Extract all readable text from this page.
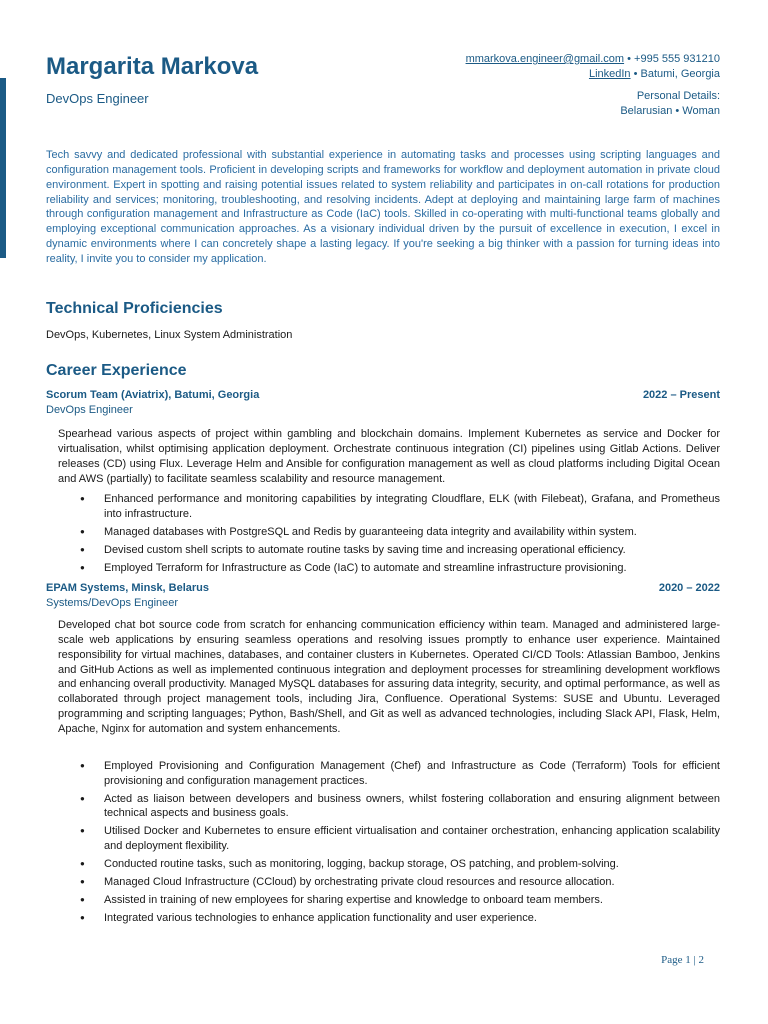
Margarita Markova
DevOps Engineer
mmarkova.engineer@gmail.com • +995 555 931210
LinkedIn • Batumi, Georgia
Personal Details:
Belarusian • Woman

Tech savvy and dedicated professional with substantial experience in automating tasks and processes using scripting languages and configuration management tools. Proficient in developing scripts and frameworks for workflow and deployment automation in private cloud environment. Expert in spotting and raising potential issues related to system reliability and participates in on-call rotations for production reliability and services; monitoring, troubleshooting, and resolving incidents. Adept at deploying and maintaining large farm of machines through configuration management and Infrastructure as Code (IaC) tools. Skilled in co-operating with multi-functional teams globally and employing exceptional communication approaches. As a visionary individual driven by the pursuit of excellence in execution, I excel in dynamic environments where I can concretely shape a lasting legacy. If you're seeking a big thinker with a passion for turning ideas into reality, I invite you to consider my application.

Technical Proficiencies
DevOps, Kubernetes, Linux System Administration
Career Experience
Scorum Team (Aviatrix), Batumi, Georgia	2022 – Present
DevOps Engineer

Spearhead various aspects of project within gambling and blockchain domains. Implement Kubernetes as service and Docker for virtualisation, whilst optimising application deployment. Orchestrate continuous integration (CI) pipelines using Gitlab Actions. Deliver releases (CD) using Flux. Leverage Helm and Ansible for configuration management as well as cloud platforms including Digital Ocean and AWS (partially) to facilitate seamless scalability and resource management.

● Enhanced performance and monitoring capabilities by integrating Cloudflare, ELK (with Filebeat), Grafana, and Prometheus into infrastructure.
● Managed databases with PostgreSQL and Redis by guaranteeing data integrity and availability within system.
● Devised custom shell scripts to automate routine tasks by saving time and increasing operational efficiency.
● Employed Terraform for Infrastructure as Code (IaC) to automate and streamline infrastructure provisioning.
EPAM Systems, Minsk, Belarus	2020 – 2022
Systems/DevOps Engineer

Developed chat bot source code from scratch for enhancing communication efficiency within team. Managed and administered large-scale web applications by ensuring seamless operations and resolving issues promptly to enhance user experience. Maintained responsibility for virtual machines, databases, and container clusters in Kubernetes. Operated CI/CD Tools: Atlassian Bamboo, Jenkins and GitHub Actions as well as implemented continuous integration and deployment processes for streamlining development workflows and enhancing overall productivity. Managed MySQL databases for assuring data integrity, security, and optimal performance, as well as collaborated through project management tools, including Jira, Confluence. Operational Systems: SUSE and Ubuntu. Leveraged programming and scripting languages; Python, Bash/Shell, and Git as well as advanced technologies, including Slack API, Flask, Helm, Apache, Nginx for automation and system enhancements.

● Employed Provisioning and Configuration Management (Chef) and Infrastructure as Code (Terraform) Tools for efficient provisioning and configuration management practices.
● Acted as liaison between developers and business owners, whilst fostering collaboration and ensuring alignment between technical aspects and business goals.
● Utilised Docker and Kubernetes to ensure efficient virtualisation and container orchestration, enhancing application scalability and deployment flexibility.
● Conducted routine tasks, such as monitoring, logging, backup storage, OS patching, and problem-solving.
● Managed Cloud Infrastructure (CCloud) by orchestrating private cloud resources and resource allocation.
● Assisted in training of new employees for sharing expertise and knowledge to onboard team members.
● Integrated various technologies to enhance application functionality and user experience.
Page 1 | 2
